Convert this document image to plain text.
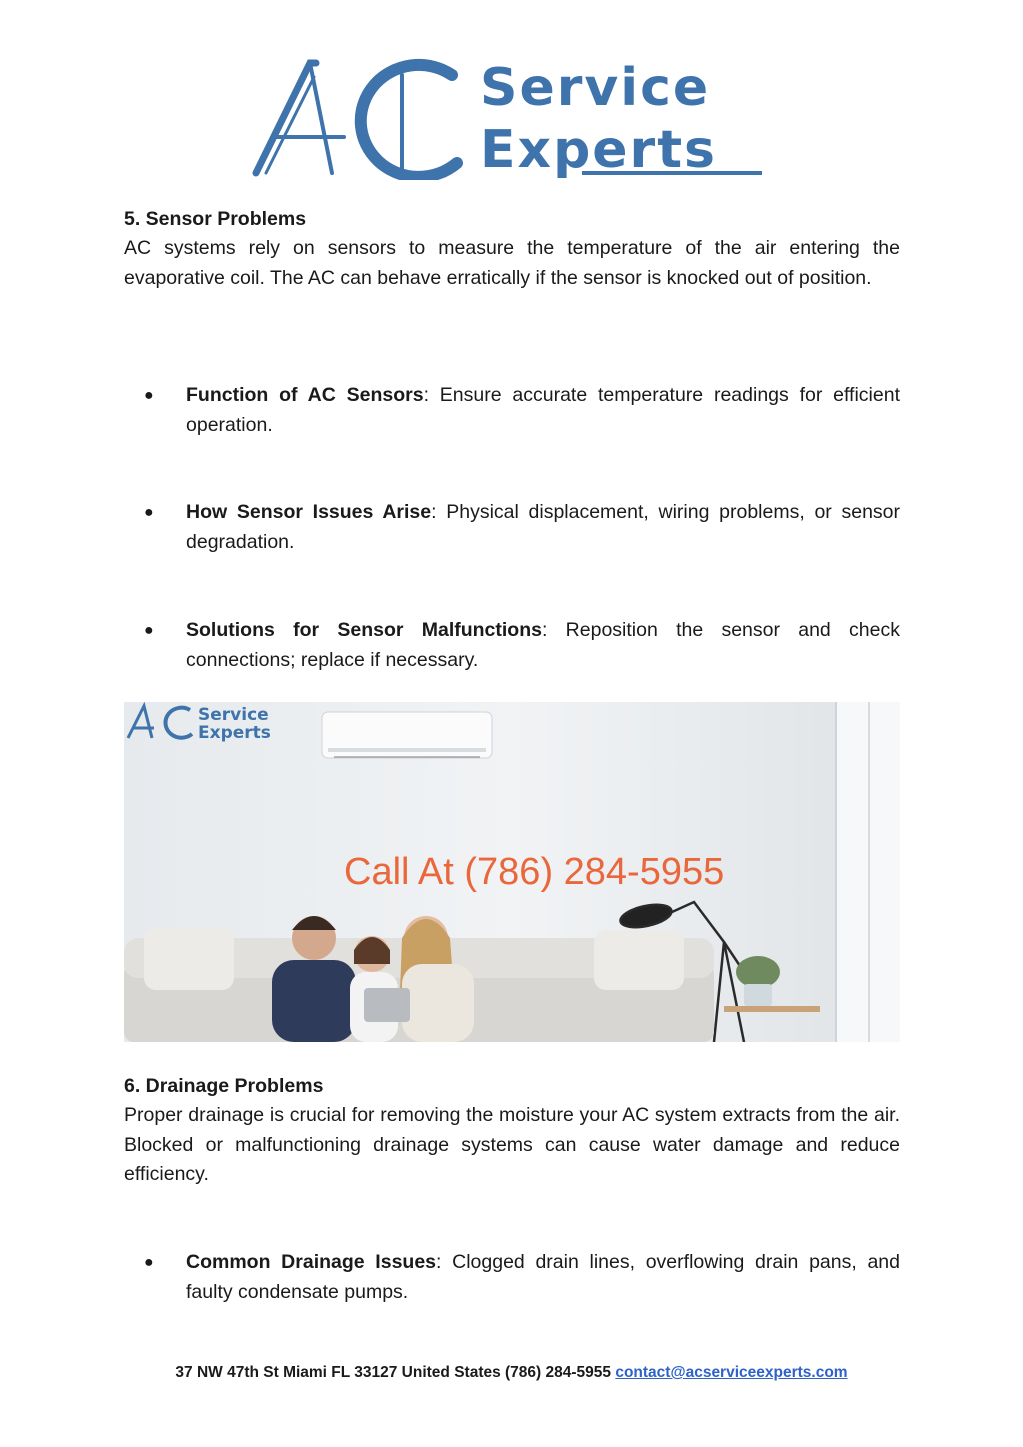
Service
Experts
AC

5. Sensor Problems

AC systems rely on sensors to measure the temperature of the air entering the evaporative coil. The AC can behave erratically if the sensor is knocked out of position.

● Function of AC Sensors: Ensure accurate temperature readings for efficient operation.
● How Sensor Issues Arise: Physical displacement, wiring problems, or sensor degradation.
● Solutions for Sensor Malfunctions: Reposition the sensor and check connections; replace if necessary.
Service
Experts
Call At (786) 284-5955

6. Drainage Problems

Proper drainage is crucial for removing the moisture your AC system extracts from the air. Blocked or malfunctioning drainage systems can cause water damage and reduce efficiency.

● Common Drainage Issues: Clogged drain lines, overflowing drain pans, and faulty condensate pumps.
37 NW 47th St Miami FL 33127 United States (786) 284-5955 contact@acserviceexperts.com
